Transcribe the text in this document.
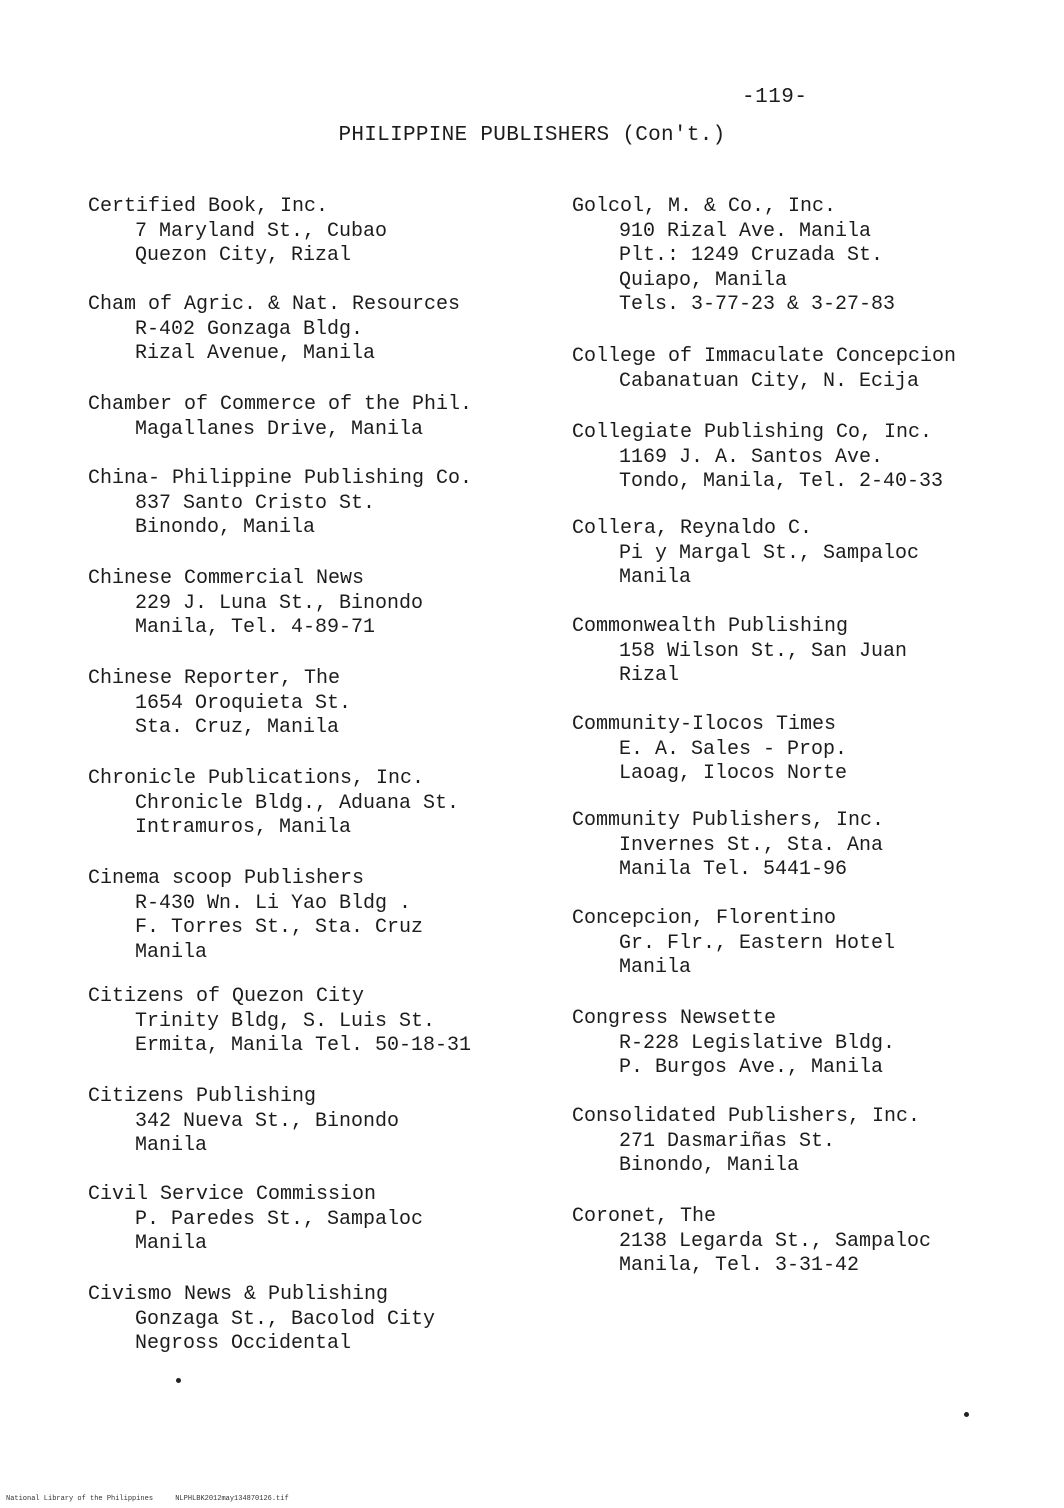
-119-
PHILIPPINE PUBLISHERS (Con't.)
Certified Book, Inc.
7 Maryland St., Cubao
Quezon City, Rizal
Cham of Agric. & Nat. Resources
R-402 Gonzaga Bldg.
Rizal Avenue, Manila
Chamber of Commerce of the Phil.
Magallanes Drive, Manila
China- Philippine Publishing Co.
837 Santo Cristo St.
Binondo, Manila
Chinese Commercial News
229 J. Luna St., Binondo
Manila, Tel. 4-89-71
Chinese Reporter, The
1654 Oroquieta St.
Sta. Cruz, Manila
Chronicle Publications, Inc.
Chronicle Bldg., Aduana St.
Intramuros, Manila
Cinema scoop Publishers
R-430 Wn. Li Yao Bldg .
F. Torres St., Sta. Cruz
Manila
Citizens of Quezon City
Trinity Bldg, S. Luis St.
Ermita, Manila Tel. 50-18-31
Citizens Publishing
342 Nueva St., Binondo
Manila
Civil Service Commission
P. Paredes St., Sampaloc
Manila
Civismo News & Publishing
Gonzaga St., Bacolod City
Negross Occidental
Golcol, M. & Co., Inc.
910 Rizal Ave. Manila
Plt.: 1249 Cruzada St.
Quiapo, Manila
Tels. 3-77-23 & 3-27-83
College of Immaculate Concepcion
Cabanatuan City, N. Ecija
Collegiate Publishing Co, Inc.
1169 J. A. Santos Ave.
Tondo, Manila, Tel. 2-40-33
Collera, Reynaldo C.
Pi y Margal St., Sampaloc
Manila
Commonwealth Publishing
158 Wilson St., San Juan
Rizal
Community-Ilocos Times
E. A. Sales - Prop.
Laoag, Ilocos Norte
Community Publishers, Inc.
Invernes St., Sta. Ana
Manila Tel. 5441-96
Concepcion, Florentino
Gr. Flr., Eastern Hotel
Manila
Congress Newsette
R-228 Legislative Bldg.
P. Burgos Ave., Manila
Consolidated Publishers, Inc.
271 Dasmariñas St.
Binondo, Manila
Coronet, The
2138 Legarda St., Sampaloc
Manila, Tel. 3-31-42
National Library of the Philippines	NLPHLBK2012may134870126.tif
